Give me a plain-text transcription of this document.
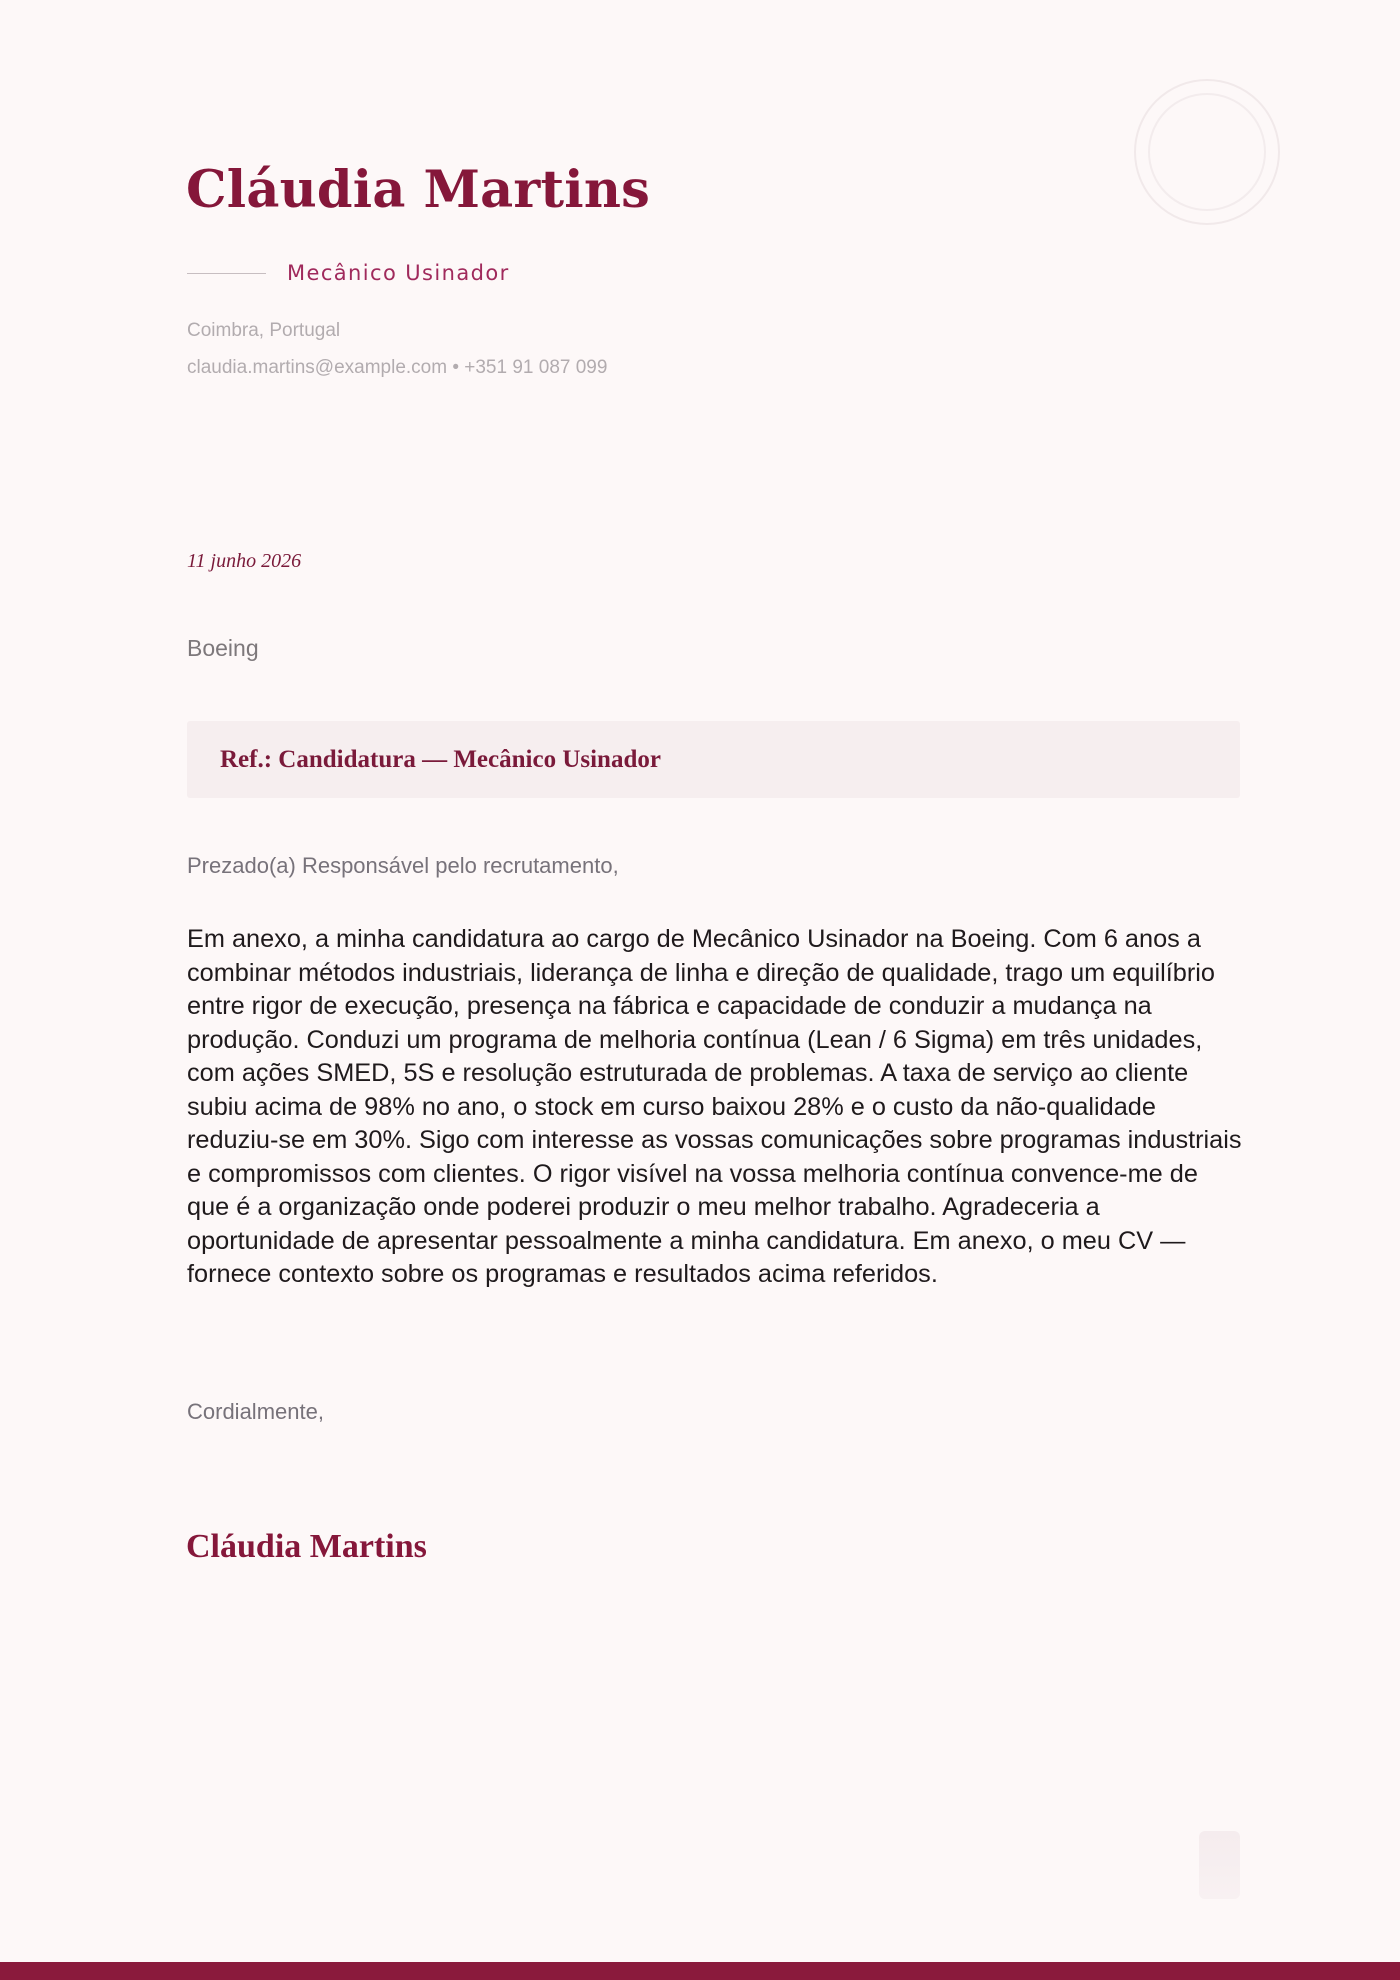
Cláudia Martins
Mecânico Usinador
Coimbra, Portugal
claudia.martins@example.com • +351 91 087 099
11 junho 2026
Boeing
Ref.: Candidatura — Mecânico Usinador
Prezado(a) Responsável pelo recrutamento,

Em anexo, a minha candidatura ao cargo de Mecânico Usinador na Boeing. Com 6 anos a combinar métodos industriais, liderança de linha e direção de qualidade, trago um equilíbrio entre rigor de execução, presença na fábrica e capacidade de conduzir a mudança na produção. Conduzi um programa de melhoria contínua (Lean / 6 Sigma) em três unidades, com ações SMED, 5S e resolução estruturada de problemas. A taxa de serviço ao cliente subiu acima de 98% no ano, o stock em curso baixou 28% e o custo da não-qualidade reduziu-se em 30%. Sigo com interesse as vossas comunicações sobre programas industriais e compromissos com clientes. O rigor visível na vossa melhoria contínua convence-me de que é a organização onde poderei produzir o meu melhor trabalho. Agradeceria a oportunidade de apresentar pessoalmente a minha candidatura. Em anexo, o meu CV — fornece contexto sobre os programas e resultados acima referidos.

Cordialmente,
Cláudia Martins
